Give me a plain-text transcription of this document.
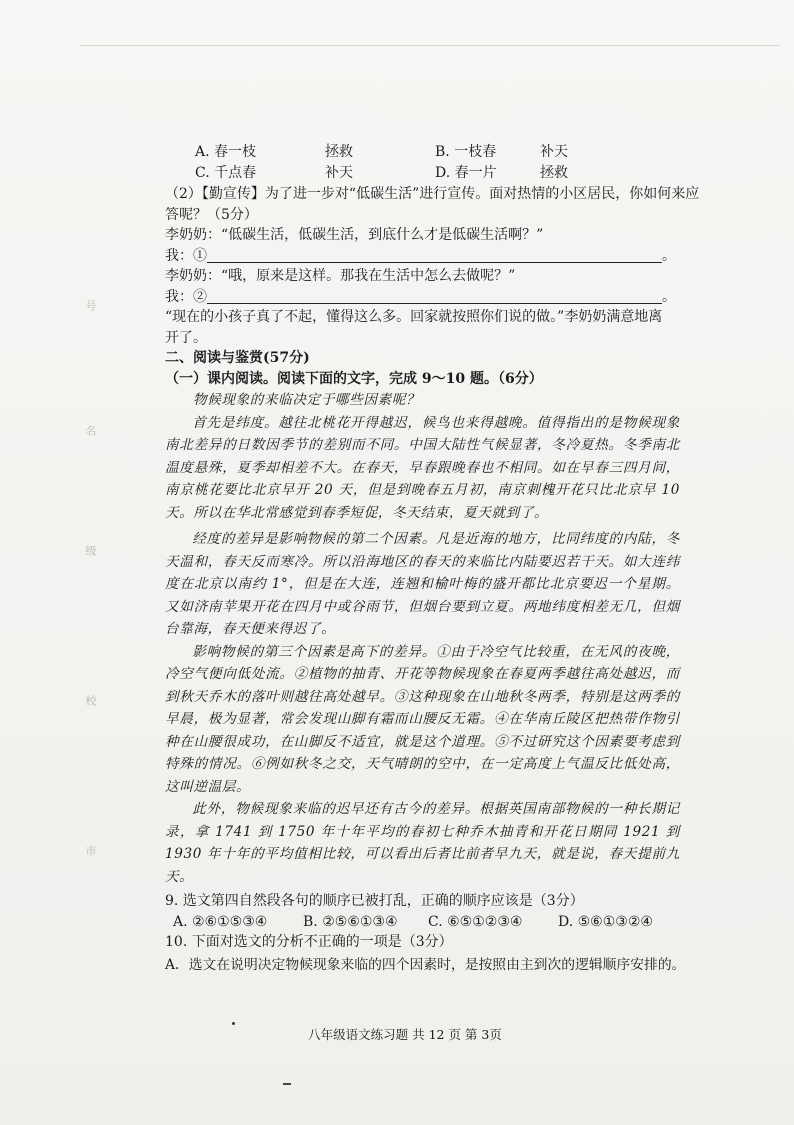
号
名
级
校
市
A. 春一枝	拯救	B. 一枝春	补天
C. 千点春	补天	D. 春一片	拯救
（2）【勤宣传】为了进一步对“低碳生活”进行宣传。面对热情的小区居民，你如何来应
答呢？（5分）
李奶奶：“低碳生活，低碳生活，到底什么才是低碳生活啊？”
我：①	。
李奶奶：“哦，原来是这样。那我在生活中怎么去做呢？”
我：②	。
“现在的小孩子真了不起，懂得这么多。回家就按照你们说的做。”李奶奶满意地离
开了。
二、阅读与鉴赏(57分)
（一）课内阅读。阅读下面的文字，完成 9～10 题。（6分）
物候现象的来临决定于哪些因素呢？
首先是纬度。越往北桃花开得越迟，候鸟也来得越晚。值得指出的是物候现象南北差异的日数因季节的差别而不同。中国大陆性气候显著，冬冷夏热。冬季南北温度悬殊，夏季却相差不大。在春天，早春跟晚春也不相同。如在早春三四月间，南京桃花要比北京早开 20 天，但是到晚春五月初，南京刺槐开花只比北京早 10 天。所以在华北常感觉到春季短促，冬天结束，夏天就到了。
经度的差异是影响物候的第二个因素。凡是近海的地方，比同纬度的内陆，冬天温和，春天反而寒冷。所以沿海地区的春天的来临比内陆要迟若干天。如大连纬度在北京以南约 1°，但是在大连，连翘和榆叶梅的盛开都比北京要迟一个星期。又如济南苹果开花在四月中或谷雨节，但烟台要到立夏。两地纬度相差无几，但烟台靠海，春天便来得迟了。
影响物候的第三个因素是高下的差异。①由于冷空气比较重，在无风的夜晚，冷空气便向低处流。②植物的抽青、开花等物候现象在春夏两季越往高处越迟，而到秋天乔木的落叶则越往高处越早。③这种现象在山地秋冬两季，特别是这两季的早晨，极为显著，常会发现山脚有霜而山腰反无霜。④在华南丘陵区把热带作物引种在山腰很成功，在山脚反不适宜，就是这个道理。⑤不过研究这个因素要考虑到特殊的情况。⑥例如秋冬之交，天气晴朗的空中，在一定高度上气温反比低处高，这叫逆温层。
此外，物候现象来临的迟早还有古今的差异。根据英国南部物候的一种长期记录，拿 1741 到 1750 年十年平均的春初七种乔木抽青和开花日期同 1921 到 1930 年十年的平均值相比较，可以看出后者比前者早九天，就是说，春天提前九天。
9. 选文第四自然段各句的顺序已被打乱，正确的顺序应该是（3分）
A. ②⑥①⑤③④	B. ②⑤⑥①③④	C. ⑥⑤①②③④	D. ⑤⑥①③②④
10. 下面对选文的分析不正确的一项是（3分）
A．选文在说明决定物候现象来临的四个因素时，是按照由主到次的逻辑顺序安排的。
八年级语文练习题 共 12 页 第 3页
